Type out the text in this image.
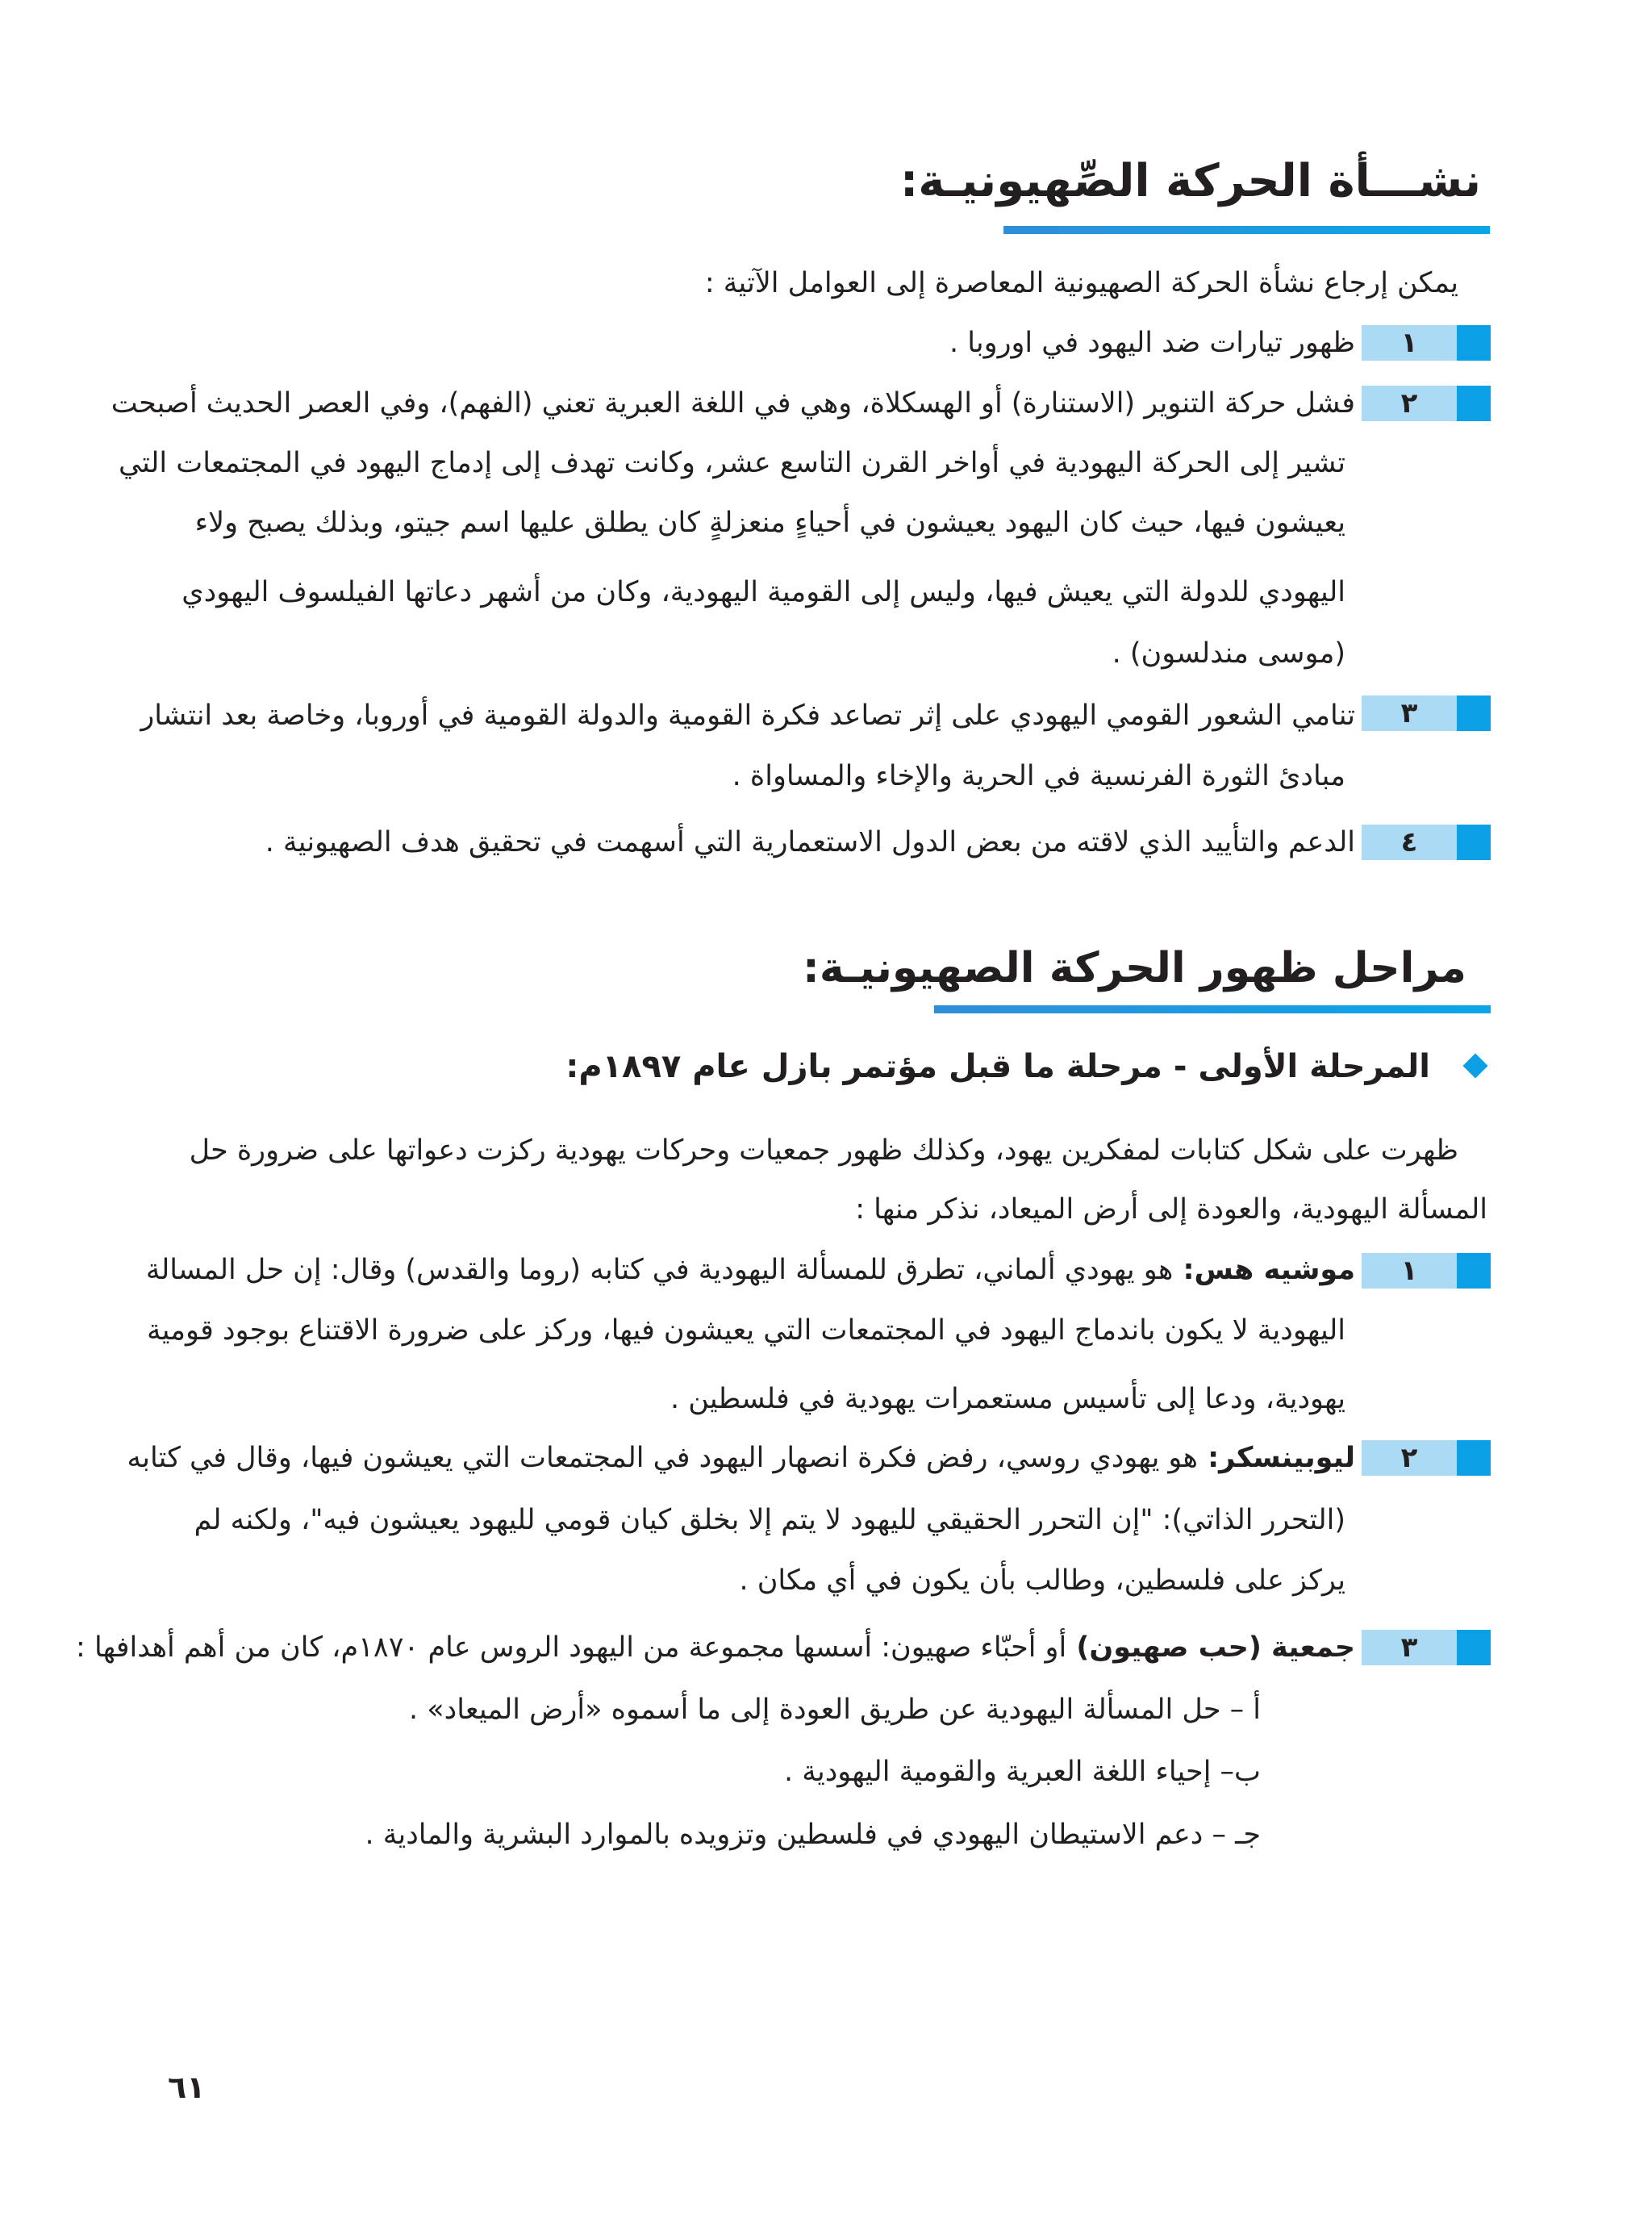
نشـــأة الحركة الصِّهيونيـة:
يمكن إرجاع نشأة الحركة الصهيونية المعاصرة إلى العوامل الآتية :
١
ظهور تيارات ضد اليهود في اوروبا .
٢
فشل حركة التنوير (الاستنارة) أو الهسكلاة، وهي في اللغة العبرية تعني (الفهم)، وفي العصر الحديث أصبحت
تشير إلى الحركة اليهودية في أواخر القرن التاسع عشر، وكانت تهدف إلى إدماج اليهود في المجتمعات التي
يعيشون فيها، حيث كان اليهود يعيشون في أحياءٍ منعزلةٍ كان يطلق عليها اسم جيتو، وبذلك يصبح ولاء
اليهودي للدولة التي يعيش فيها، وليس إلى القومية اليهودية، وكان من أشهر دعاتها الفيلسوف اليهودي
(موسى مندلسون) .
٣
تنامي الشعور القومي اليهودي على إثر تصاعد فكرة القومية والدولة القومية في أوروبا، وخاصة بعد انتشار
مبادئ الثورة الفرنسية في الحرية والإخاء والمساواة .
٤
الدعم والتأييد الذي لاقته من بعض الدول الاستعمارية التي أسهمت في تحقيق هدف الصهيونية .
مراحل ظهور الحركة الصهيونيـة:
المرحلة الأولى - مرحلة ما قبل مؤتمر بازل عام ١٨٩٧م:
ظهرت على شكل كتابات لمفكرين يهود، وكذلك ظهور جمعيات وحركات يهودية ركزت دعواتها على ضرورة حل
المسألة اليهودية، والعودة إلى أرض الميعاد، نذكر منها :
١
موشيه هس: هو يهودي ألماني، تطرق للمسألة اليهودية في كتابه (روما والقدس) وقال: إن حل المسالة
اليهودية لا يكون باندماج اليهود في المجتمعات التي يعيشون فيها، وركز على ضرورة الاقتناع بوجود قومية
يهودية، ودعا إلى تأسيس مستعمرات يهودية في فلسطين .
٢
ليوبينسكر: هو يهودي روسي، رفض فكرة انصهار اليهود في المجتمعات التي يعيشون فيها، وقال في كتابه
(التحرر الذاتي): "إن التحرر الحقيقي لليهود لا يتم إلا بخلق كيان قومي لليهود يعيشون فيه"، ولكنه لم
يركز على فلسطين، وطالب بأن يكون في أي مكان .
٣
جمعية (حب صهيون) أو أحبّاء صهيون: أسسها مجموعة من اليهود الروس عام ١٨٧٠م، كان من أهم أهدافها :
أ – حل المسألة اليهودية عن طريق العودة إلى ما أسموه «أرض الميعاد» .
ب– إحياء اللغة العبرية والقومية اليهودية .
جـ – دعم الاستيطان اليهودي في فلسطين وتزويده بالموارد البشرية والمادية .
٦١
